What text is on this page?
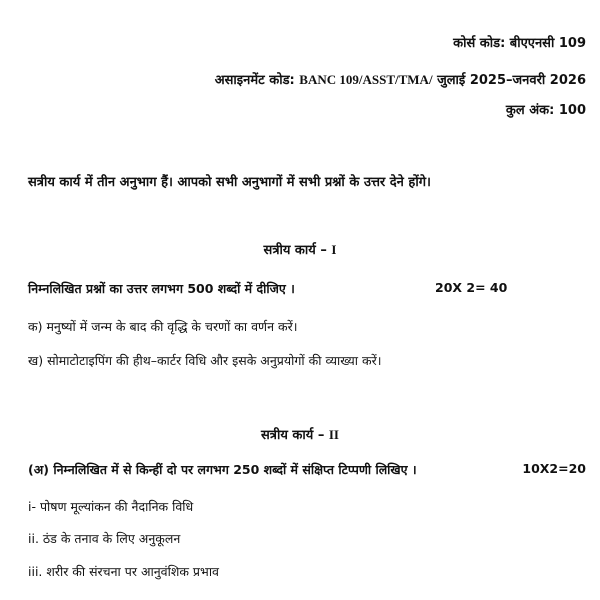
कोर्स कोड: बीएएनसी 109
असाइनमेंट कोड: BANC 109/ASST/TMA/ जुलाई 2025–जनवरी 2026
कुल अंक: 100
सत्रीय कार्य में तीन अनुभाग हैं। आपको सभी अनुभागों में सभी प्रश्नों के उत्तर देने होंगे।
सत्रीय कार्य – I
निम्नलिखित प्रश्नों का उत्तर लगभग 500 शब्दों में दीजिए ।	20X 2= 40
क) मनुष्यों में जन्म के बाद की वृद्धि के चरणों का वर्णन करें।
ख) सोमाटोटाइपिंग की हीथ–कार्टर विधि और इसके अनुप्रयोगों की व्याख्या करें।
सत्रीय कार्य – II
(अ) निम्नलिखित में से किन्हीं दो पर लगभग 250 शब्दों में संक्षिप्त टिप्पणी लिखिए ।	10X2=20
i- पोषण मूल्यांकन की नैदानिक विधि
ii. ठंड के तनाव के लिए अनुकूलन
iii. शरीर की संरचना पर आनुवंशिक प्रभाव
